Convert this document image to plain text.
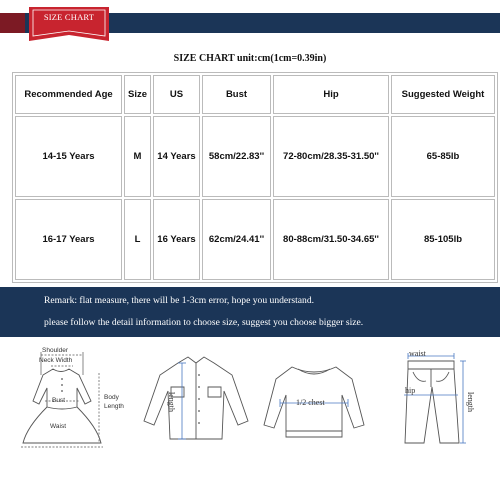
SIZE CHART
SIZE CHART unit:cm(1cm=0.39in)
Recommended Age	Size	US	Bust	Hip	Suggested Weight
14-15 Years	M	14 Years	58cm/22.83''	72-80cm/28.35-31.50''	65-85lb
16-17 Years	L	16 Years	62cm/24.41''	80-88cm/31.50-34.65''	85-105lb
Remark: flat measure, there will be 1-3cm error, hope you understand.
please follow the detail information to choose size, suggest you choose bigger size.
Shoulder
Neck Width
Bust
Waist
Body
Length	length	1/2 chest
waist
hip
length
